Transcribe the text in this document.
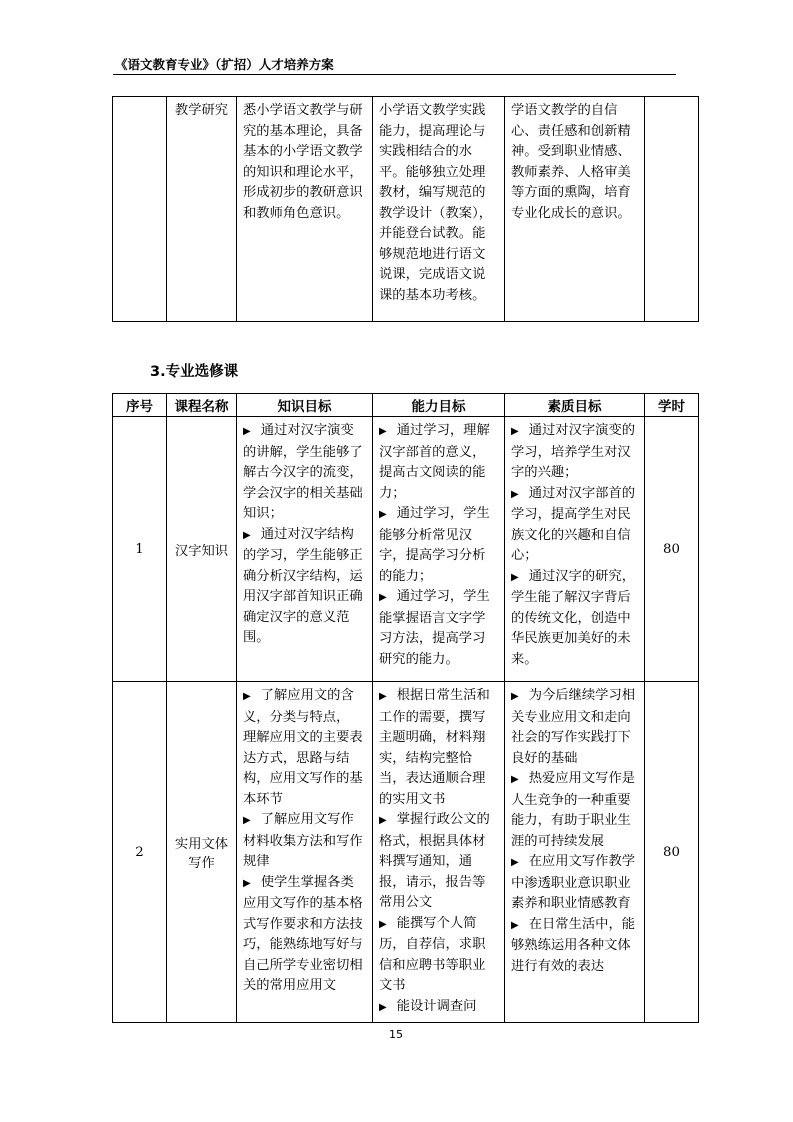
《语文教育专业》（扩招）人才培养方案
	教学研究	悉小学语文教学与研究的基本理论，具备基本的小学语文教学的知识和理论水平，形成初步的教研意识和教师角色意识。	小学语文教学实践能力，提高理论与实践相结合的水平。能够独立处理教材，编写规范的教学设计（教案），并能登台试教。能够规范地进行语文说课，完成语文说课的基本功考核。	学语文教学的自信心、责任感和创新精神。受到职业情感、教师素养、人格审美等方面的熏陶，培育专业化成长的意识。	
3.专业选修课
序号	课程名称	知识目标	能力目标	素质目标	学时
1	汉字知识	▶ 通过对汉字演变的讲解，学生能够了解古今汉字的流变，学会汉字的相关基础知识；
▶ 通过对汉字结构的学习，学生能够正确分析汉字结构，运用汉字部首知识正确确定汉字的意义范围。	▶ 通过学习，理解汉字部首的意义，提高古文阅读的能力；
▶ 通过学习，学生能够分析常见汉字，提高学习分析的能力；
▶ 通过学习，学生能掌握语言文字学习方法，提高学习研究的能力。	▶ 通过对汉字演变的学习，培养学生对汉字的兴趣；
▶ 通过对汉字部首的学习，提高学生对民族文化的兴趣和自信心；
▶ 通过汉字的研究，学生能了解汉字背后的传统文化，创造中华民族更加美好的未来。	80
2	实用文体写作	▶ 了解应用文的含义，分类与特点， 理解应用文的主要表达方式，思路与结构，应用文写作的基本环节
▶ 了解应用文写作材料收集方法和写作规律
▶ 使学生掌握各类应用文写作的基本格式写作要求和方法技巧，能熟练地写好与自己所学专业密切相关的常用应用文	▶ 根据日常生活和工作的需要，撰写主题明确，材料翔实，结构完整恰当，表达通顺合理的实用文书
▶ 掌握行政公文的格式，根据具体材料撰写通知，通报，请示，报告等常用公文
▶ 能撰写个人简历，自荐信，求职信和应聘书等职业文书
▶ 能设计调查问	▶ 为今后继续学习相关专业应用文和走向社会的写作实践打下良好的基础
▶ 热爱应用文写作是人生竞争的一种重要能力，有助于职业生涯的可持续发展
▶ 在应用文写作教学中渗透职业意识职业素养和职业情感教育
▶ 在日常生活中，能够熟练运用各种文体进行有效的表达	80
15
